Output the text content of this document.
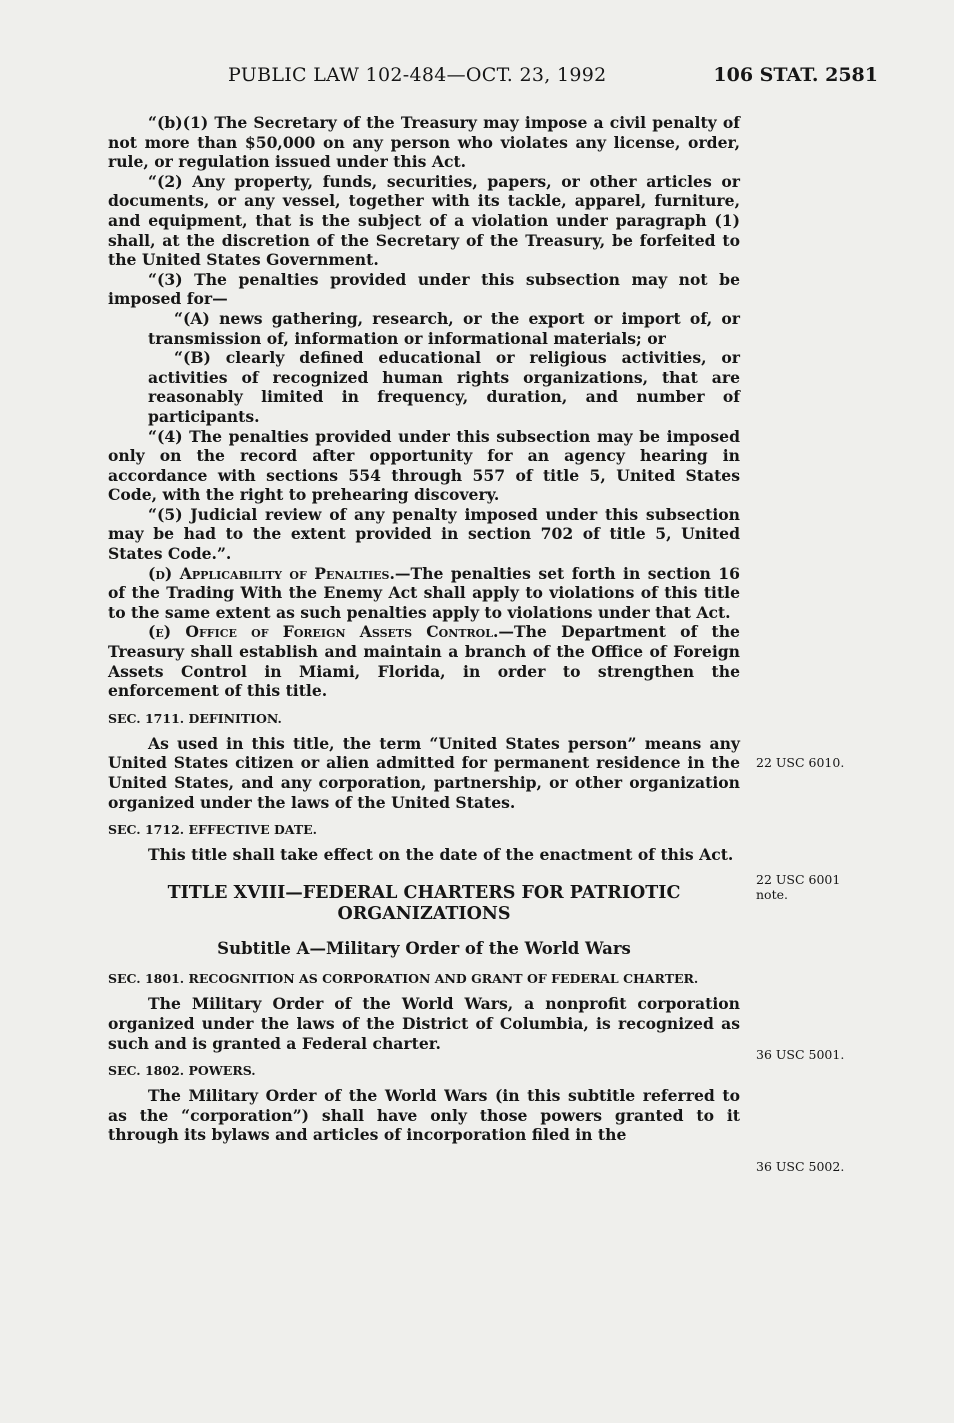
PUBLIC LAW 102-484—OCT. 23, 1992	106 STAT. 2581

“(b)(1) The Secretary of the Treasury may impose a civil penalty of not more than $50,000 on any person who violates any license, order, rule, or regulation issued under this Act.

“(2) Any property, funds, securities, papers, or other articles or documents, or any vessel, together with its tackle, apparel, furniture, and equipment, that is the subject of a violation under paragraph (1) shall, at the discretion of the Secretary of the Treasury, be forfeited to the United States Government.

“(3) The penalties provided under this subsection may not be imposed for—

“(A) news gathering, research, or the export or import of, or transmission of, information or informational materials; or

“(B) clearly defined educational or religious activities, or activities of recognized human rights organizations, that are reasonably limited in frequency, duration, and number of participants.

“(4) The penalties provided under this subsection may be imposed only on the record after opportunity for an agency hearing in accordance with sections 554 through 557 of title 5, United States Code, with the right to prehearing discovery.

“(5) Judicial review of any penalty imposed under this subsection may be had to the extent provided in section 702 of title 5, United States Code.”.

(d) Applicability of Penalties.—The penalties set forth in section 16 of the Trading With the Enemy Act shall apply to violations of this title to the same extent as such penalties apply to violations under that Act.

(e) Office of Foreign Assets Control.—The Department of the Treasury shall establish and maintain a branch of the Office of Foreign Assets Control in Miami, Florida, in order to strengthen the enforcement of this title.

SEC. 1711. DEFINITION.

As used in this title, the term “United States person” means any United States citizen or alien admitted for permanent residence in the United States, and any corporation, partnership, or other organization organized under the laws of the United States.

SEC. 1712. EFFECTIVE DATE.

This title shall take effect on the date of the enactment of this Act.

TITLE XVIII—FEDERAL CHARTERS FOR PATRIOTIC ORGANIZATIONS
Subtitle A—Military Order of the World Wars
SEC. 1801. RECOGNITION AS CORPORATION AND GRANT OF FEDERAL CHARTER.

The Military Order of the World Wars, a nonprofit corporation organized under the laws of the District of Columbia, is recognized as such and is granted a Federal charter.

SEC. 1802. POWERS.

The Military Order of the World Wars (in this subtitle referred to as the “corporation”) shall have only those powers granted to it through its bylaws and articles of incorporation filed in the

22 USC 6010.
22 USC 6001 note.
36 USC 5001.
36 USC 5002.
